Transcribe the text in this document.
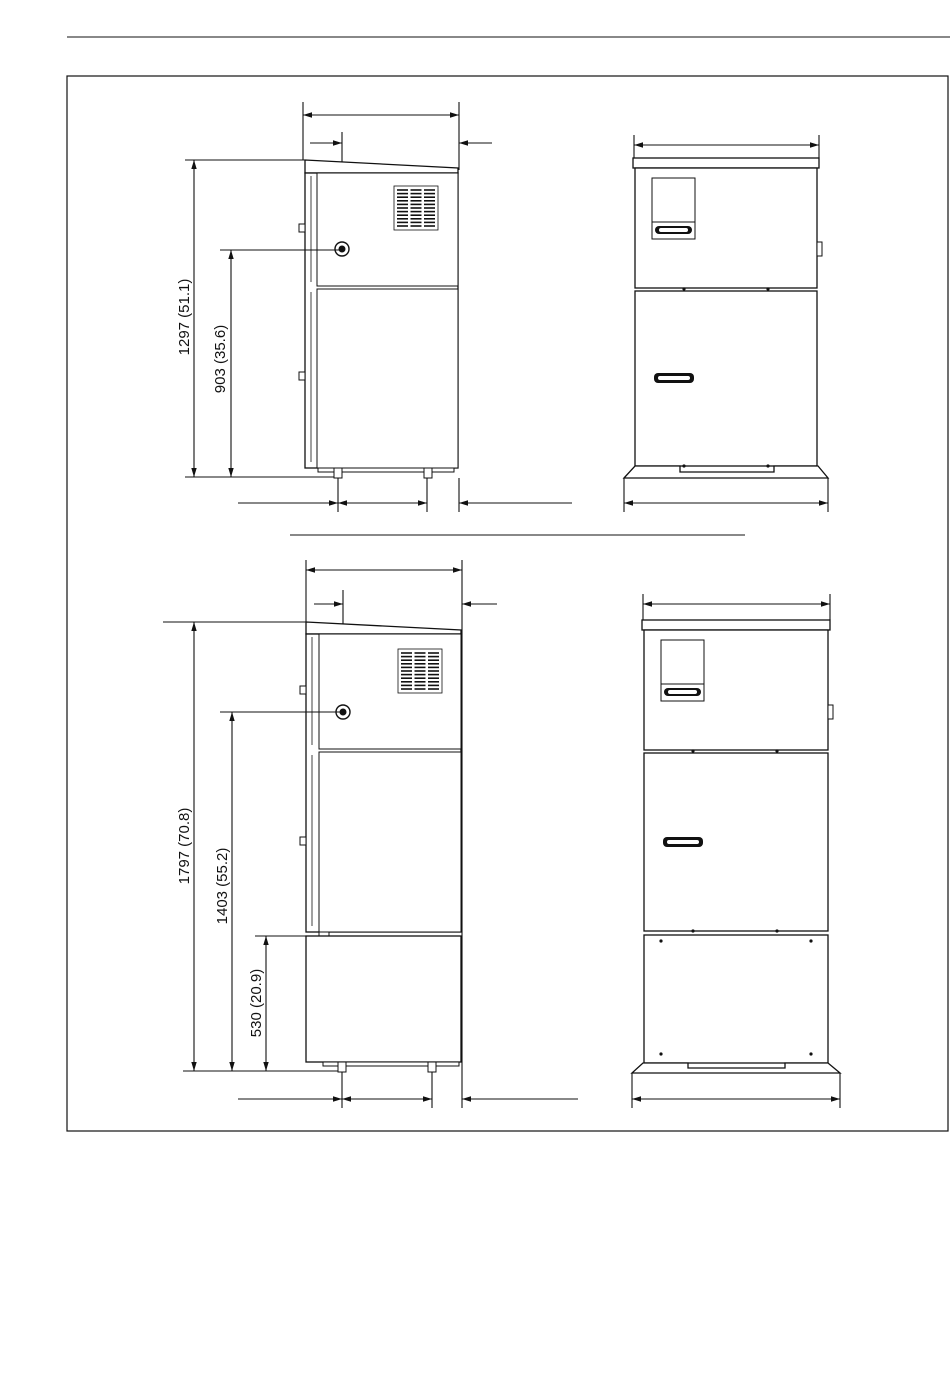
1297 (51.1)
903 (35.6)
1797 (70.8)
1403 (55.2)
530 (20.9)
